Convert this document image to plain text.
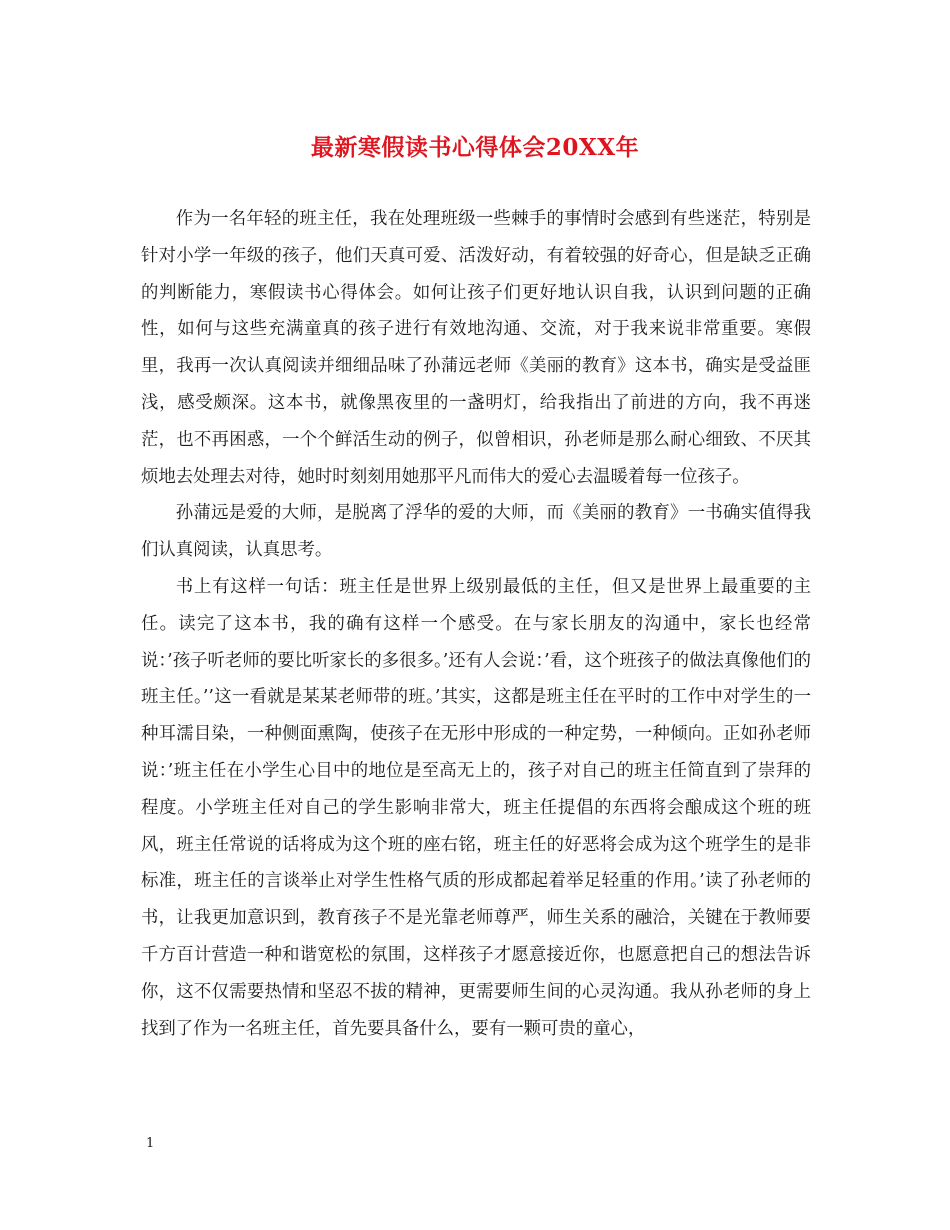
最新寒假读书心得体会20XX年

作为一名年轻的班主任，我在处理班级一些棘手的事情时会感到有些迷茫，特别是针对小学一年级的孩子，他们天真可爱、活泼好动，有着较强的好奇心，但是缺乏正确的判断能力，寒假读书心得体会。如何让孩子们更好地认识自我，认识到问题的正确性，如何与这些充满童真的孩子进行有效地沟通、交流，对于我来说非常重要。寒假里，我再一次认真阅读并细细品味了孙蒲远老师《美丽的教育》这本书，确实是受益匪浅，感受颇深。这本书，就像黑夜里的一盏明灯，给我指出了前进的方向，我不再迷茫，也不再困惑，一个个鲜活生动的例子，似曾相识，孙老师是那么耐心细致、不厌其烦地去处理去对待，她时时刻刻用她那平凡而伟大的爱心去温暖着每一位孩子。

孙蒲远是爱的大师，是脱离了浮华的爱的大师，而《美丽的教育》一书确实值得我们认真阅读，认真思考。

书上有这样一句话：班主任是世界上级别最低的主任，但又是世界上最重要的主任。读完了这本书，我的确有这样一个感受。在与家长朋友的沟通中，家长也经常说：’孩子听老师的要比听家长的多很多。’还有人会说：’看，这个班孩子的做法真像他们的班主任。’’这一看就是某某老师带的班。’其实，这都是班主任在平时的工作中对学生的一种耳濡目染，一种侧面熏陶，使孩子在无形中形成的一种定势，一种倾向。正如孙老师说：’班主任在小学生心目中的地位是至高无上的，孩子对自己的班主任简直到了崇拜的程度。小学班主任对自己的学生影响非常大，班主任提倡的东西将会酿成这个班的班风，班主任常说的话将成为这个班的座右铭，班主任的好恶将会成为这个班学生的是非标准，班主任的言谈举止对学生性格气质的形成都起着举足轻重的作用。’读了孙老师的书，让我更加意识到，教育孩子不是光靠老师尊严，师生关系的融洽，关键在于教师要千方百计营造一种和谐宽松的氛围，这样孩子才愿意接近你，也愿意把自己的想法告诉你，这不仅需要热情和坚忍不拔的精神，更需要师生间的心灵沟通。我从孙老师的身上找到了作为一名班主任，首先要具备什么，要有一颗可贵的童心，

1
